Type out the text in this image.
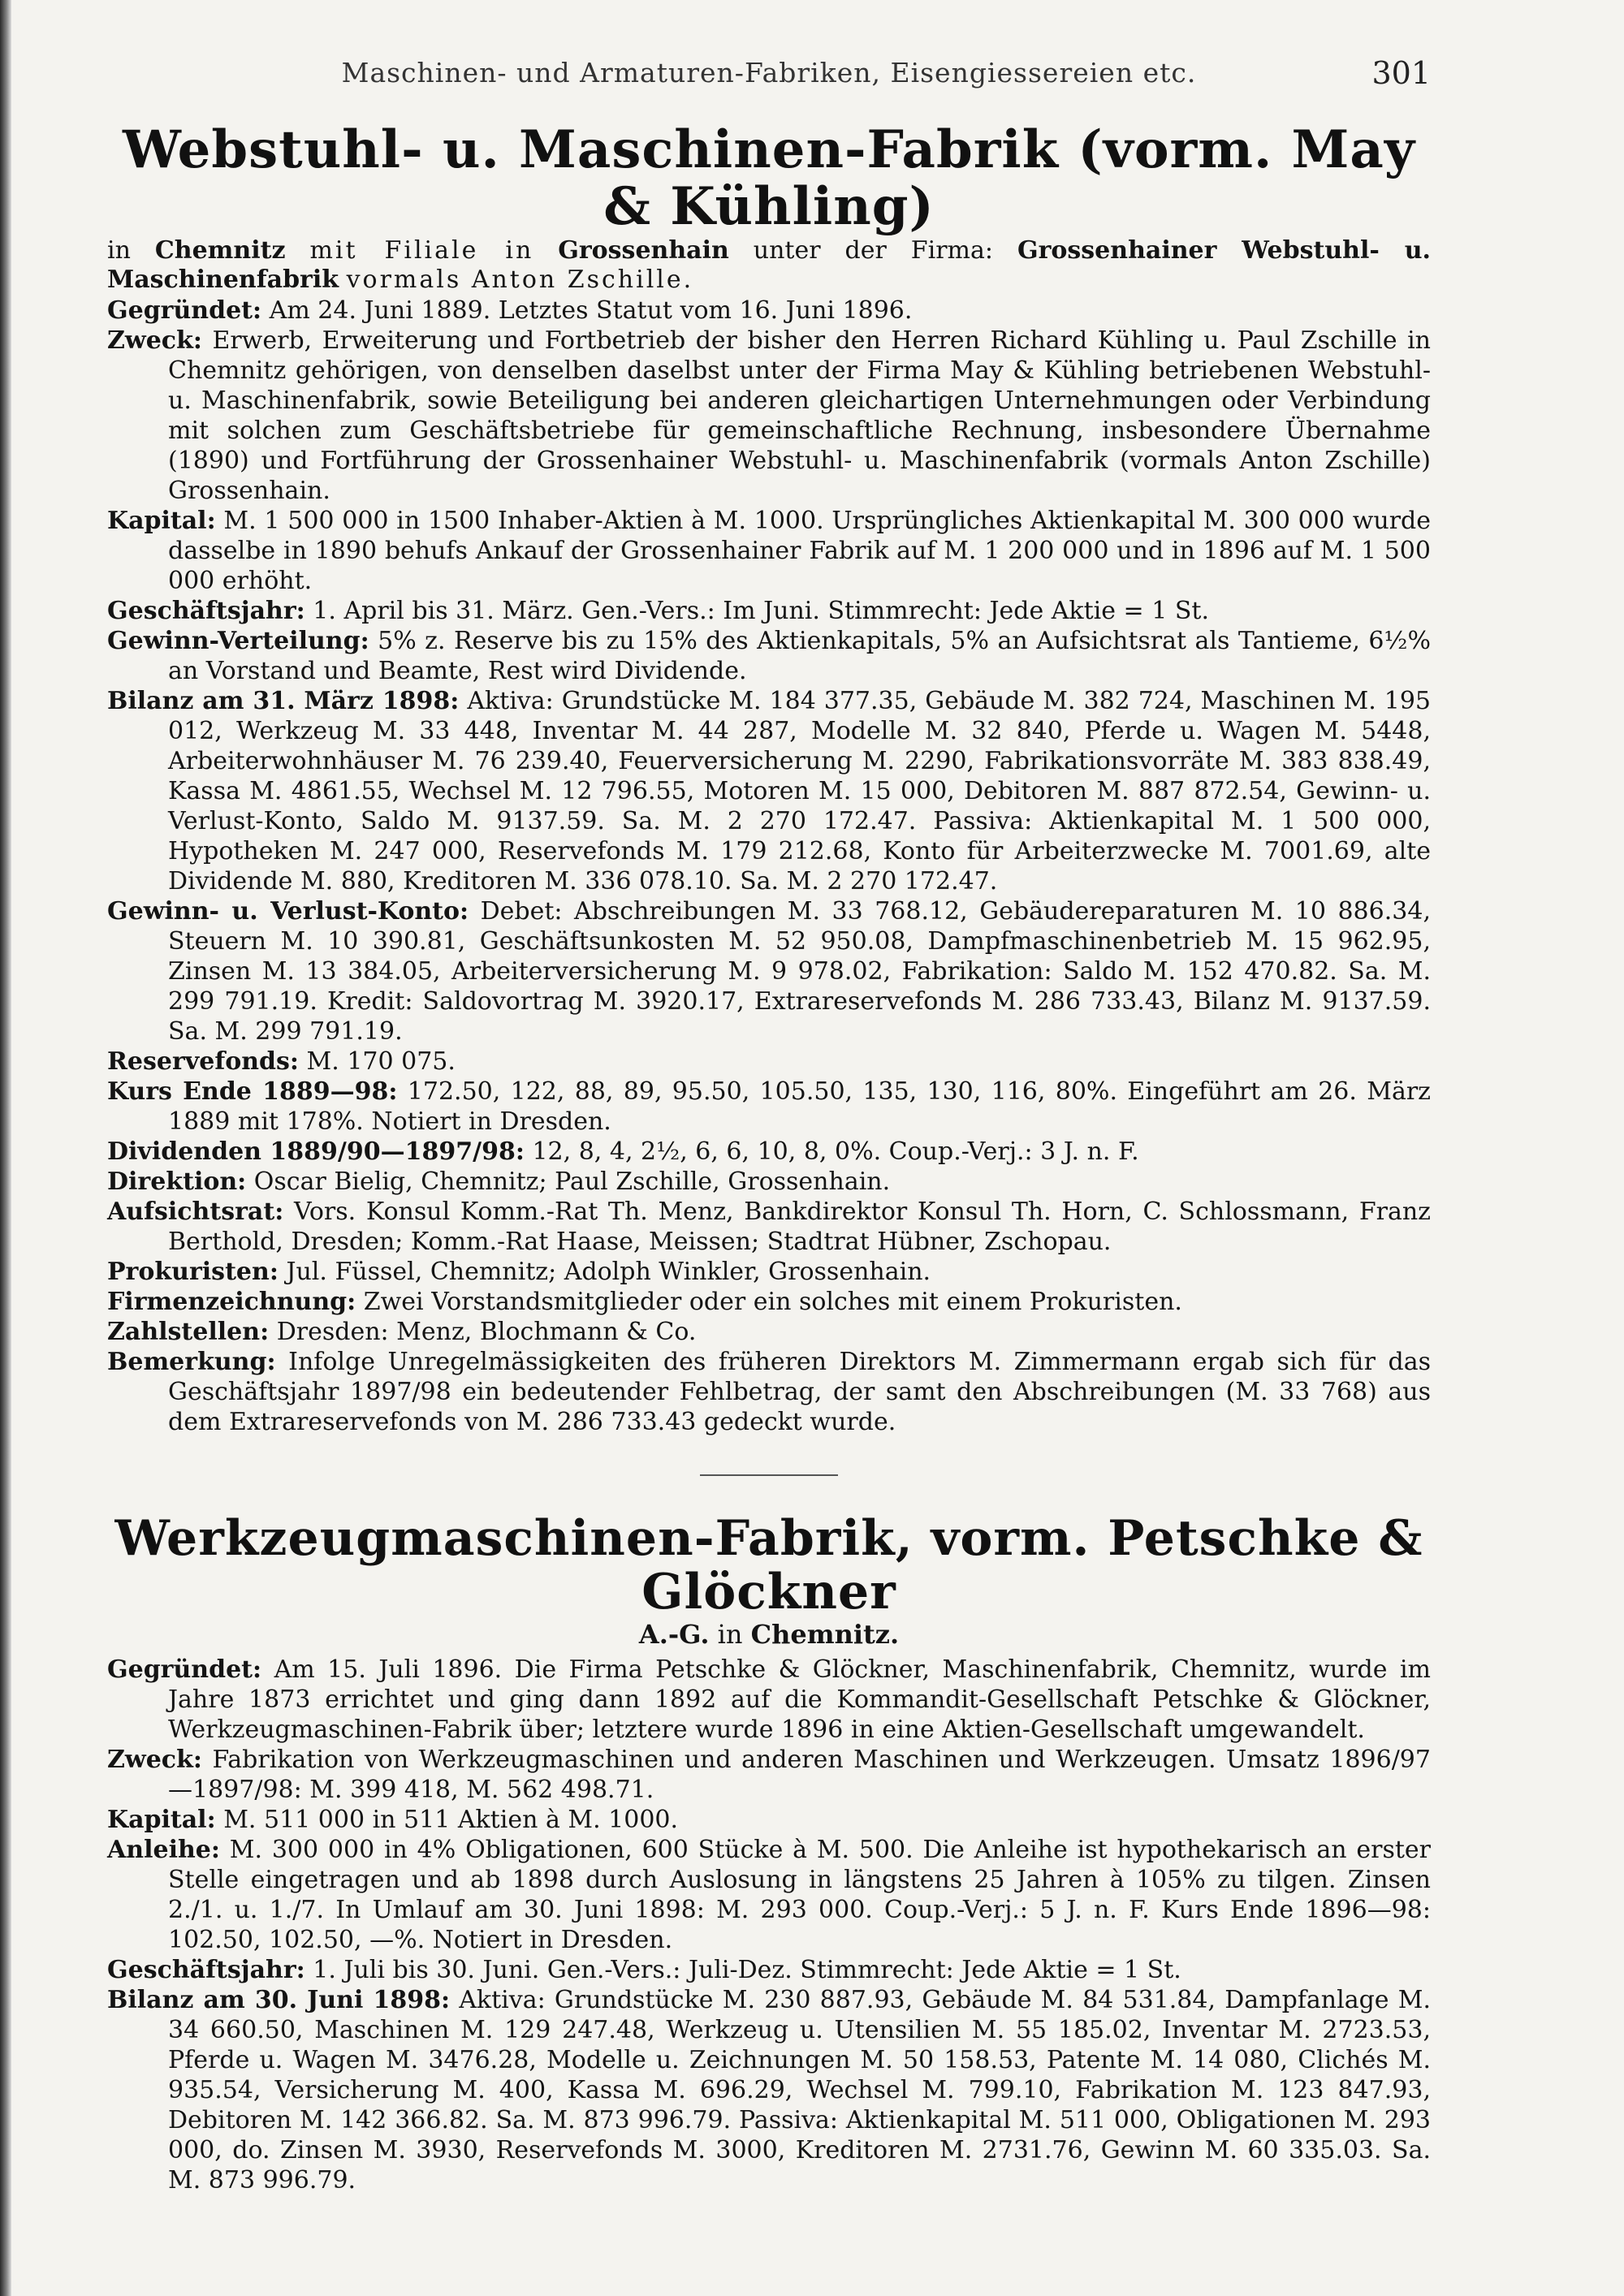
Maschinen- und Armaturen-Fabriken, Eisengiessereien etc.	301
Webstuhl- u. Maschinen-Fabrik (vorm. May & Kühling)
in Chemnitz mit Filiale in Grossenhain unter der Firma: Grossenhainer Webstuhl- u. Maschinenfabrik vormals Anton Zschille.
Gegründet: Am 24. Juni 1889. Letztes Statut vom 16. Juni 1896.
Zweck: Erwerb, Erweiterung und Fortbetrieb der bisher den Herren Richard Kühling u. Paul Zschille in Chemnitz gehörigen, von denselben daselbst unter der Firma May & Kühling betriebenen Webstuhl- u. Maschinenfabrik, sowie Beteiligung bei anderen gleichartigen Unternehmungen oder Verbindung mit solchen zum Geschäftsbetriebe für gemeinschaftliche Rechnung, insbesondere Übernahme (1890) und Fortführung der Grossenhainer Webstuhl- u. Maschinenfabrik (vormals Anton Zschille) Grossenhain.
Kapital: M. 1 500 000 in 1500 Inhaber-Aktien à M. 1000. Ursprüngliches Aktienkapital M. 300 000 wurde dasselbe in 1890 behufs Ankauf der Grossenhainer Fabrik auf M. 1 200 000 und in 1896 auf M. 1 500 000 erhöht.
Geschäftsjahr: 1. April bis 31. März. Gen.-Vers.: Im Juni. Stimmrecht: Jede Aktie = 1 St.
Gewinn-Verteilung: 5% z. Reserve bis zu 15% des Aktienkapitals, 5% an Aufsichtsrat als Tantieme, 6½% an Vorstand und Beamte, Rest wird Dividende.
Bilanz am 31. März 1898: Aktiva: Grundstücke M. 184 377.35, Gebäude M. 382 724, Maschinen M. 195 012, Werkzeug M. 33 448, Inventar M. 44 287, Modelle M. 32 840, Pferde u. Wagen M. 5448, Arbeiterwohnhäuser M. 76 239.40, Feuerversicherung M. 2290, Fabrikationsvorräte M. 383 838.49, Kassa M. 4861.55, Wechsel M. 12 796.55, Motoren M. 15 000, Debitoren M. 887 872.54, Gewinn- u. Verlust-Konto, Saldo M. 9137.59. Sa. M. 2 270 172.47. Passiva: Aktienkapital M. 1 500 000, Hypotheken M. 247 000, Reservefonds M. 179 212.68, Konto für Arbeiterzwecke M. 7001.69, alte Dividende M. 880, Kreditoren M. 336 078.10. Sa. M. 2 270 172.47.
Gewinn- u. Verlust-Konto: Debet: Abschreibungen M. 33 768.12, Gebäudereparaturen M. 10 886.34, Steuern M. 10 390.81, Geschäftsunkosten M. 52 950.08, Dampfmaschinenbetrieb M. 15 962.95, Zinsen M. 13 384.05, Arbeiterversicherung M. 9 978.02, Fabrikation: Saldo M. 152 470.82. Sa. M. 299 791.19. Kredit: Saldovortrag M. 3920.17, Extrareservefonds M. 286 733.43, Bilanz M. 9137.59. Sa. M. 299 791.19.
Reservefonds: M. 170 075.
Kurs Ende 1889—98: 172.50, 122, 88, 89, 95.50, 105.50, 135, 130, 116, 80%. Eingeführt am 26. März 1889 mit 178%. Notiert in Dresden.
Dividenden 1889/90—1897/98: 12, 8, 4, 2½, 6, 6, 10, 8, 0%. Coup.-Verj.: 3 J. n. F.
Direktion: Oscar Bielig, Chemnitz; Paul Zschille, Grossenhain.
Aufsichtsrat: Vors. Konsul Komm.-Rat Th. Menz, Bankdirektor Konsul Th. Horn, C. Schlossmann, Franz Berthold, Dresden; Komm.-Rat Haase, Meissen; Stadtrat Hübner, Zschopau.
Prokuristen: Jul. Füssel, Chemnitz; Adolph Winkler, Grossenhain.
Firmenzeichnung: Zwei Vorstandsmitglieder oder ein solches mit einem Prokuristen.
Zahlstellen: Dresden: Menz, Blochmann & Co.
Bemerkung: Infolge Unregelmässigkeiten des früheren Direktors M. Zimmermann ergab sich für das Geschäftsjahr 1897/98 ein bedeutender Fehlbetrag, der samt den Abschreibungen (M. 33 768) aus dem Extrareservefonds von M. 286 733.43 gedeckt wurde.
Werkzeugmaschinen-Fabrik, vorm. Petschke & Glöckner
A.-G. in Chemnitz.
Gegründet: Am 15. Juli 1896. Die Firma Petschke & Glöckner, Maschinenfabrik, Chemnitz, wurde im Jahre 1873 errichtet und ging dann 1892 auf die Kommandit-Gesellschaft Petschke & Glöckner, Werkzeugmaschinen-Fabrik über; letztere wurde 1896 in eine Aktien-Gesellschaft umgewandelt.
Zweck: Fabrikation von Werkzeugmaschinen und anderen Maschinen und Werkzeugen. Umsatz 1896/97—1897/98: M. 399 418, M. 562 498.71.
Kapital: M. 511 000 in 511 Aktien à M. 1000.
Anleihe: M. 300 000 in 4% Obligationen, 600 Stücke à M. 500. Die Anleihe ist hypothekarisch an erster Stelle eingetragen und ab 1898 durch Auslosung in längstens 25 Jahren à 105% zu tilgen. Zinsen 2./1. u. 1./7. In Umlauf am 30. Juni 1898: M. 293 000. Coup.-Verj.: 5 J. n. F. Kurs Ende 1896—98: 102.50, 102.50, —%. Notiert in Dresden.
Geschäftsjahr: 1. Juli bis 30. Juni. Gen.-Vers.: Juli-Dez. Stimmrecht: Jede Aktie = 1 St.
Bilanz am 30. Juni 1898: Aktiva: Grundstücke M. 230 887.93, Gebäude M. 84 531.84, Dampfanlage M. 34 660.50, Maschinen M. 129 247.48, Werkzeug u. Utensilien M. 55 185.02, Inventar M. 2723.53, Pferde u. Wagen M. 3476.28, Modelle u. Zeichnungen M. 50 158.53, Patente M. 14 080, Clichés M. 935.54, Versicherung M. 400, Kassa M. 696.29, Wechsel M. 799.10, Fabrikation M. 123 847.93, Debitoren M. 142 366.82. Sa. M. 873 996.79. Passiva: Aktienkapital M. 511 000, Obligationen M. 293 000, do. Zinsen M. 3930, Reservefonds M. 3000, Kreditoren M. 2731.76, Gewinn M. 60 335.03. Sa. M. 873 996.79.
